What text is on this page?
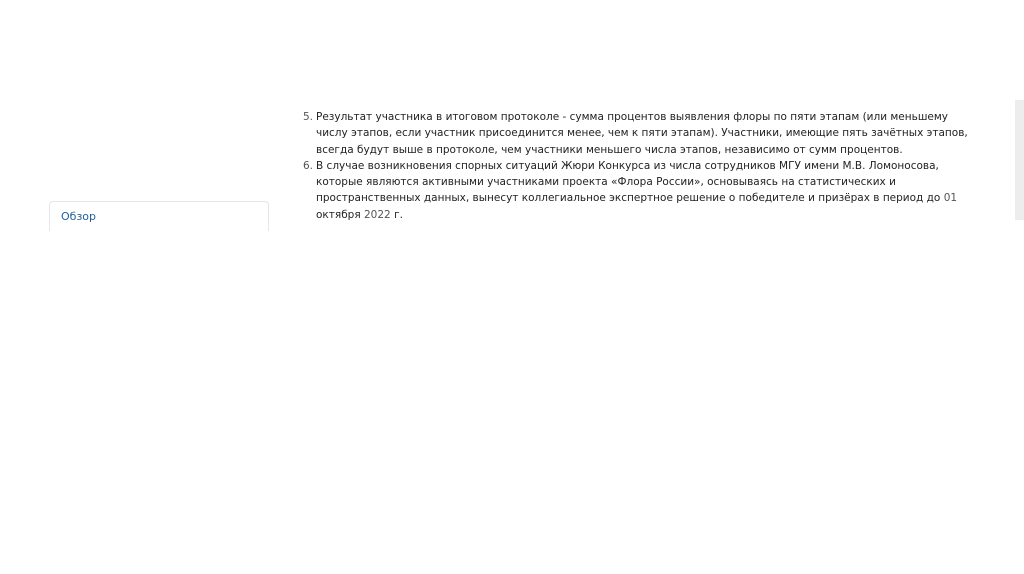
Обзор
5. Результат участника в итоговом протоколе - сумма процентов выявления флоры по пяти этапам (или меньшему числу этапов, если участник присоединится менее, чем к пяти этапам). Участники, имеющие пять зачётных этапов, всегда будут выше в протоколе, чем участники меньшего числа этапов, независимо от сумм процентов.
6. В случае возникновения спорных ситуаций Жюри Конкурса из числа сотрудников МГУ имени М.В. Ломоносова, которые являются активными участниками проекта «Флора России», основываясь на статистических и пространственных данных, вынесут коллегиальное экспертное решение о победителе и призёрах в период до 01 октября 2022 г.
